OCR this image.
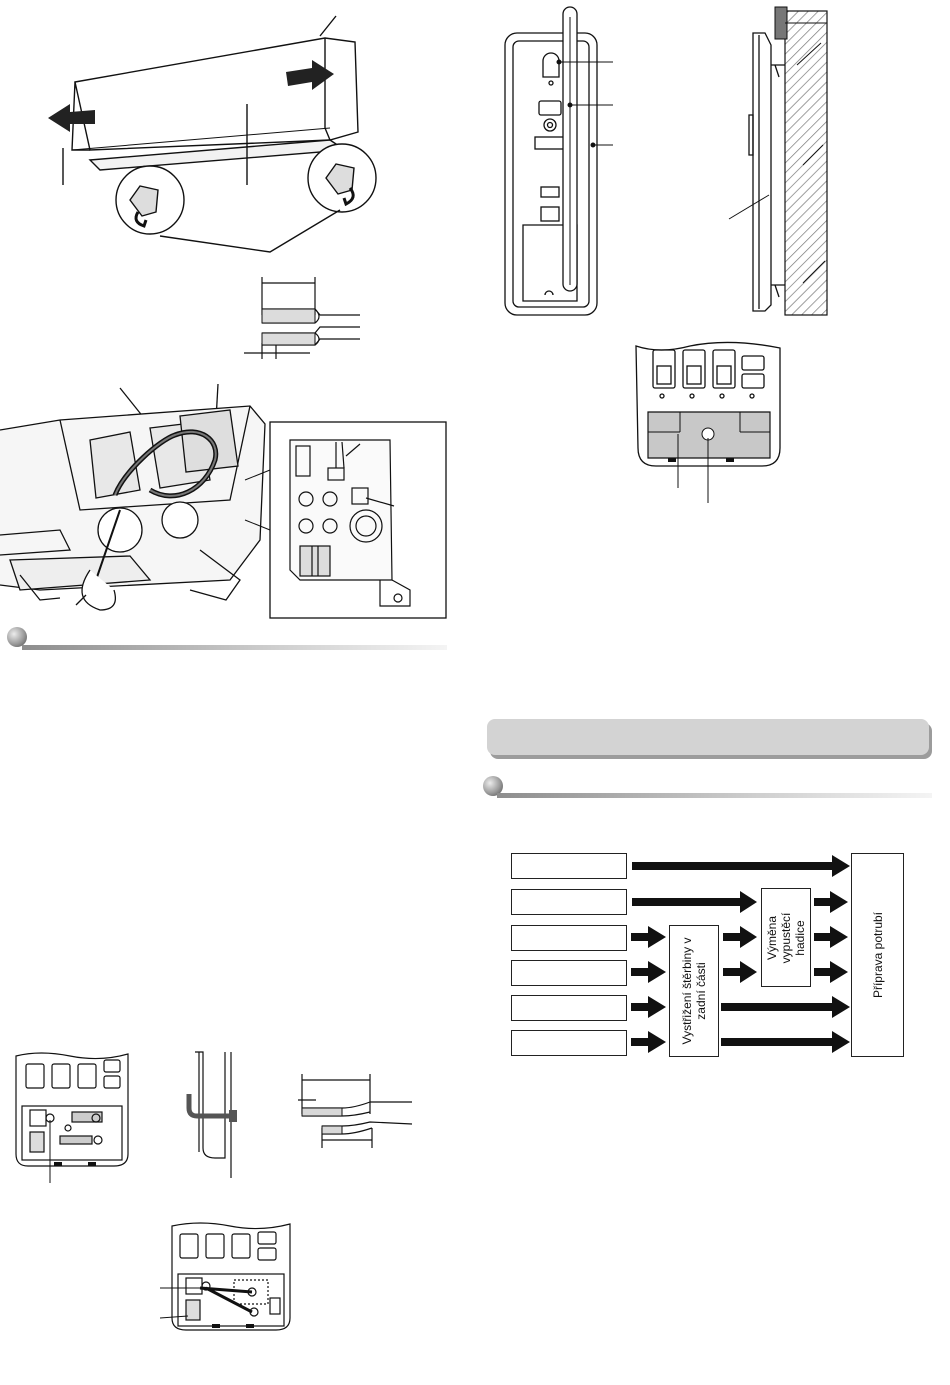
Vystřižení štěrbiny v zadní části
Výměna vypustěcí hadice	Příprava potrubí
